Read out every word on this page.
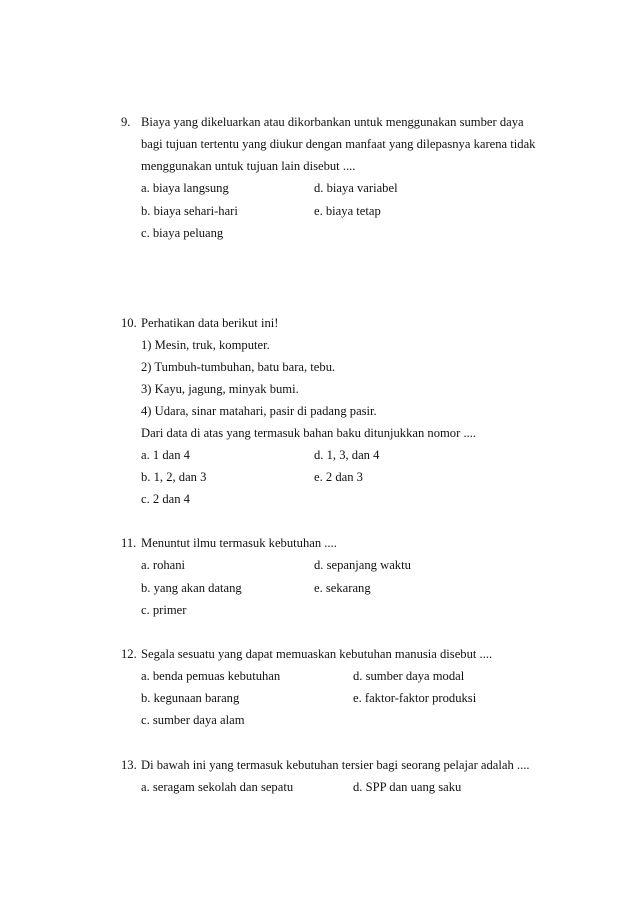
9. Biaya yang dikeluarkan atau dikorbankan untuk menggunakan sumber daya
bagi tujuan tertentu yang diukur dengan manfaat yang dilepasnya karena tidak
menggunakan untuk tujuan lain disebut ....
a. biaya langsung	d. biaya variabel
b. biaya sehari-hari	e. biaya tetap
c. biaya peluang
10. Perhatikan data berikut ini!
1) Mesin, truk, komputer.
2) Tumbuh-tumbuhan, batu bara, tebu.
3) Kayu, jagung, minyak bumi.
4) Udara, sinar matahari, pasir di padang pasir.
Dari data di atas yang termasuk bahan baku ditunjukkan nomor ....
a. 1 dan 4	d. 1, 3, dan 4
b. 1, 2, dan 3	e. 2 dan 3
c. 2 dan 4
11. Menuntut ilmu termasuk kebutuhan ....
a. rohani	d. sepanjang waktu
b. yang akan datang	e. sekarang
c. primer
12. Segala sesuatu yang dapat memuaskan kebutuhan manusia disebut ....
a. benda pemuas kebutuhan	d. sumber daya modal
b. kegunaan barang	e. faktor-faktor produksi
c. sumber daya alam
13. Di bawah ini yang termasuk kebutuhan tersier bagi seorang pelajar adalah ....
a. seragam sekolah dan sepatu	d. SPP dan uang saku
